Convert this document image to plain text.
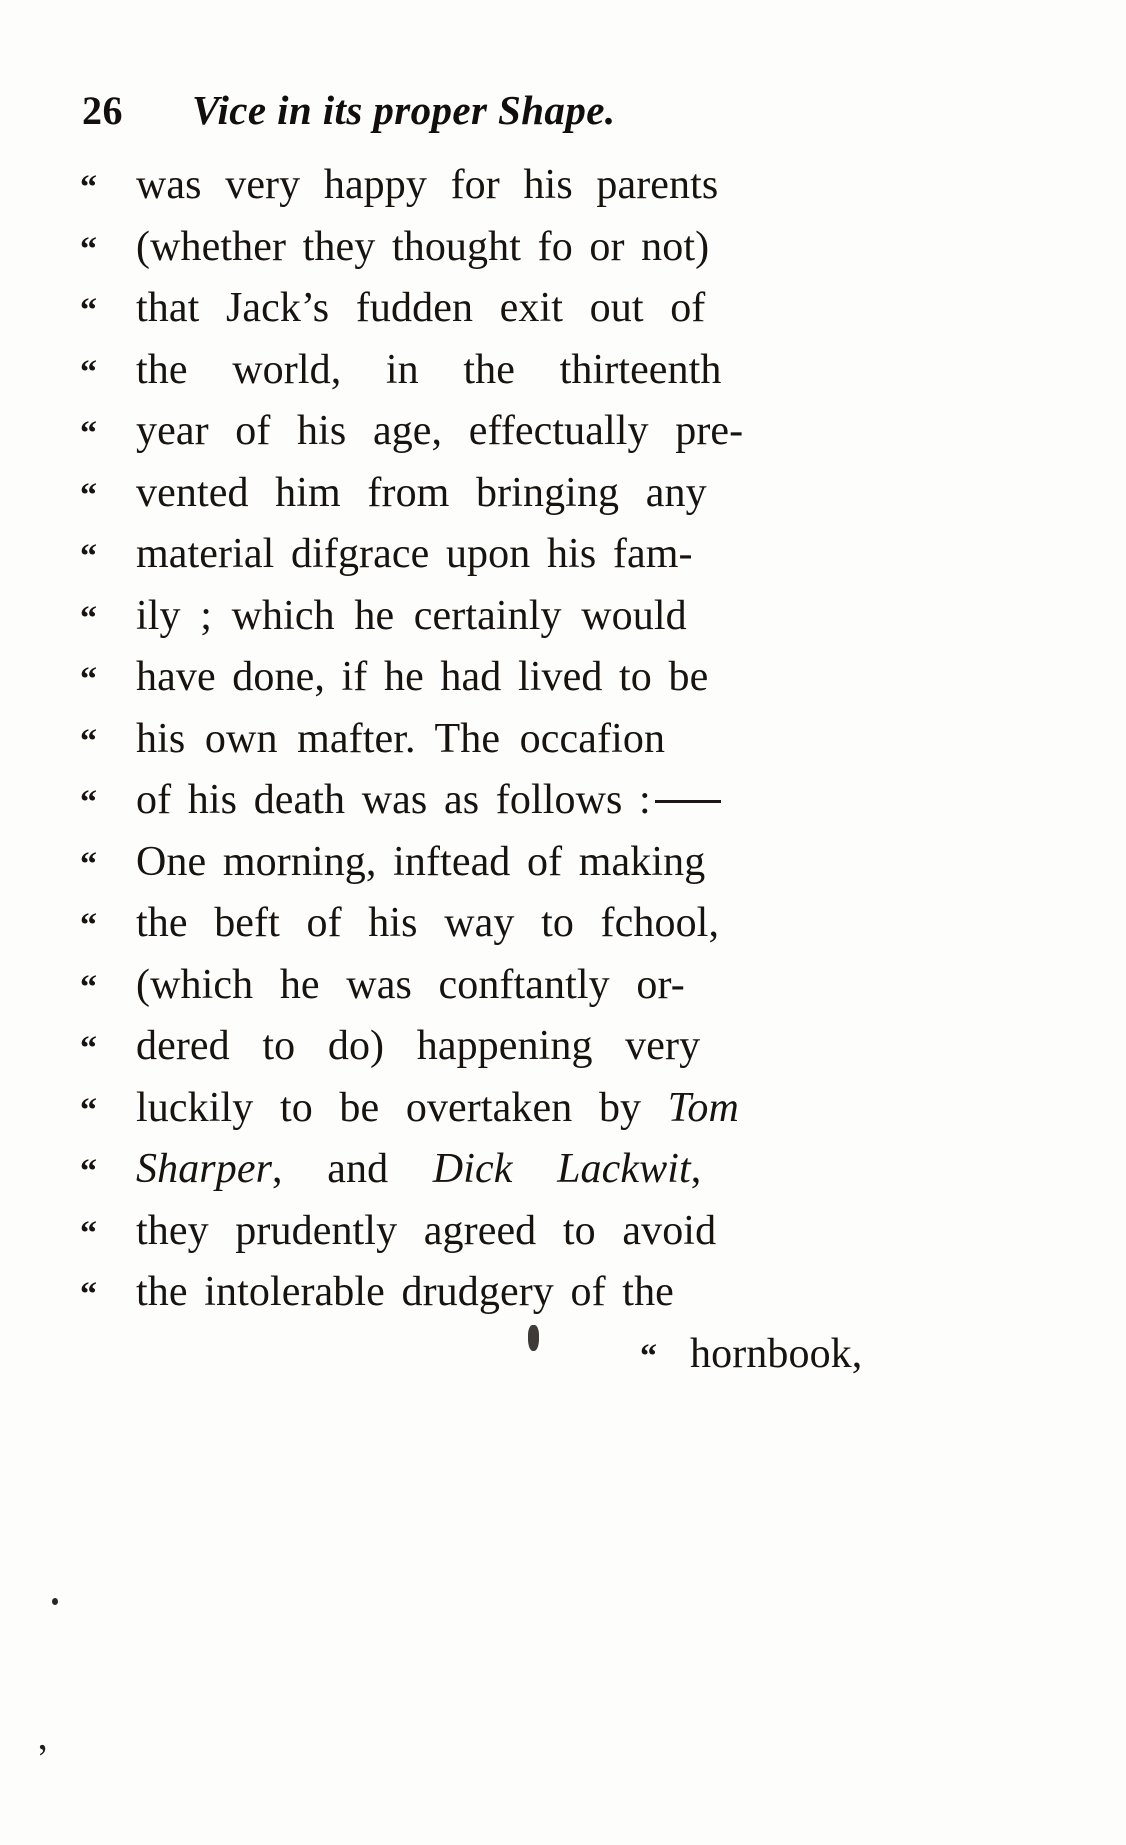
26	Vice in its proper Shape.
“ was very happy for his parents
“ (whether they thought fo or not)
“ that Jack’s fudden exit out of
“ the world, in the thirteenth
“ year of his age, effectually pre-
“ vented him from bringing any
“ material difgrace upon his fam-
“ ily ; which he certainly would
“ have done, if he had lived to be
“ his own mafter. The occafion
“ of his death was as follows :
“ One morning, inftead of making
“ the beft of his way to fchool,
“ (which he was conftantly or-
“ dered to do) happening very
“ luckily to be overtaken by Tom
“ Sharper, and Dick Lackwit,
“ they prudently agreed to avoid
“ the intolerable drudgery of the
“ hornbook,
,
